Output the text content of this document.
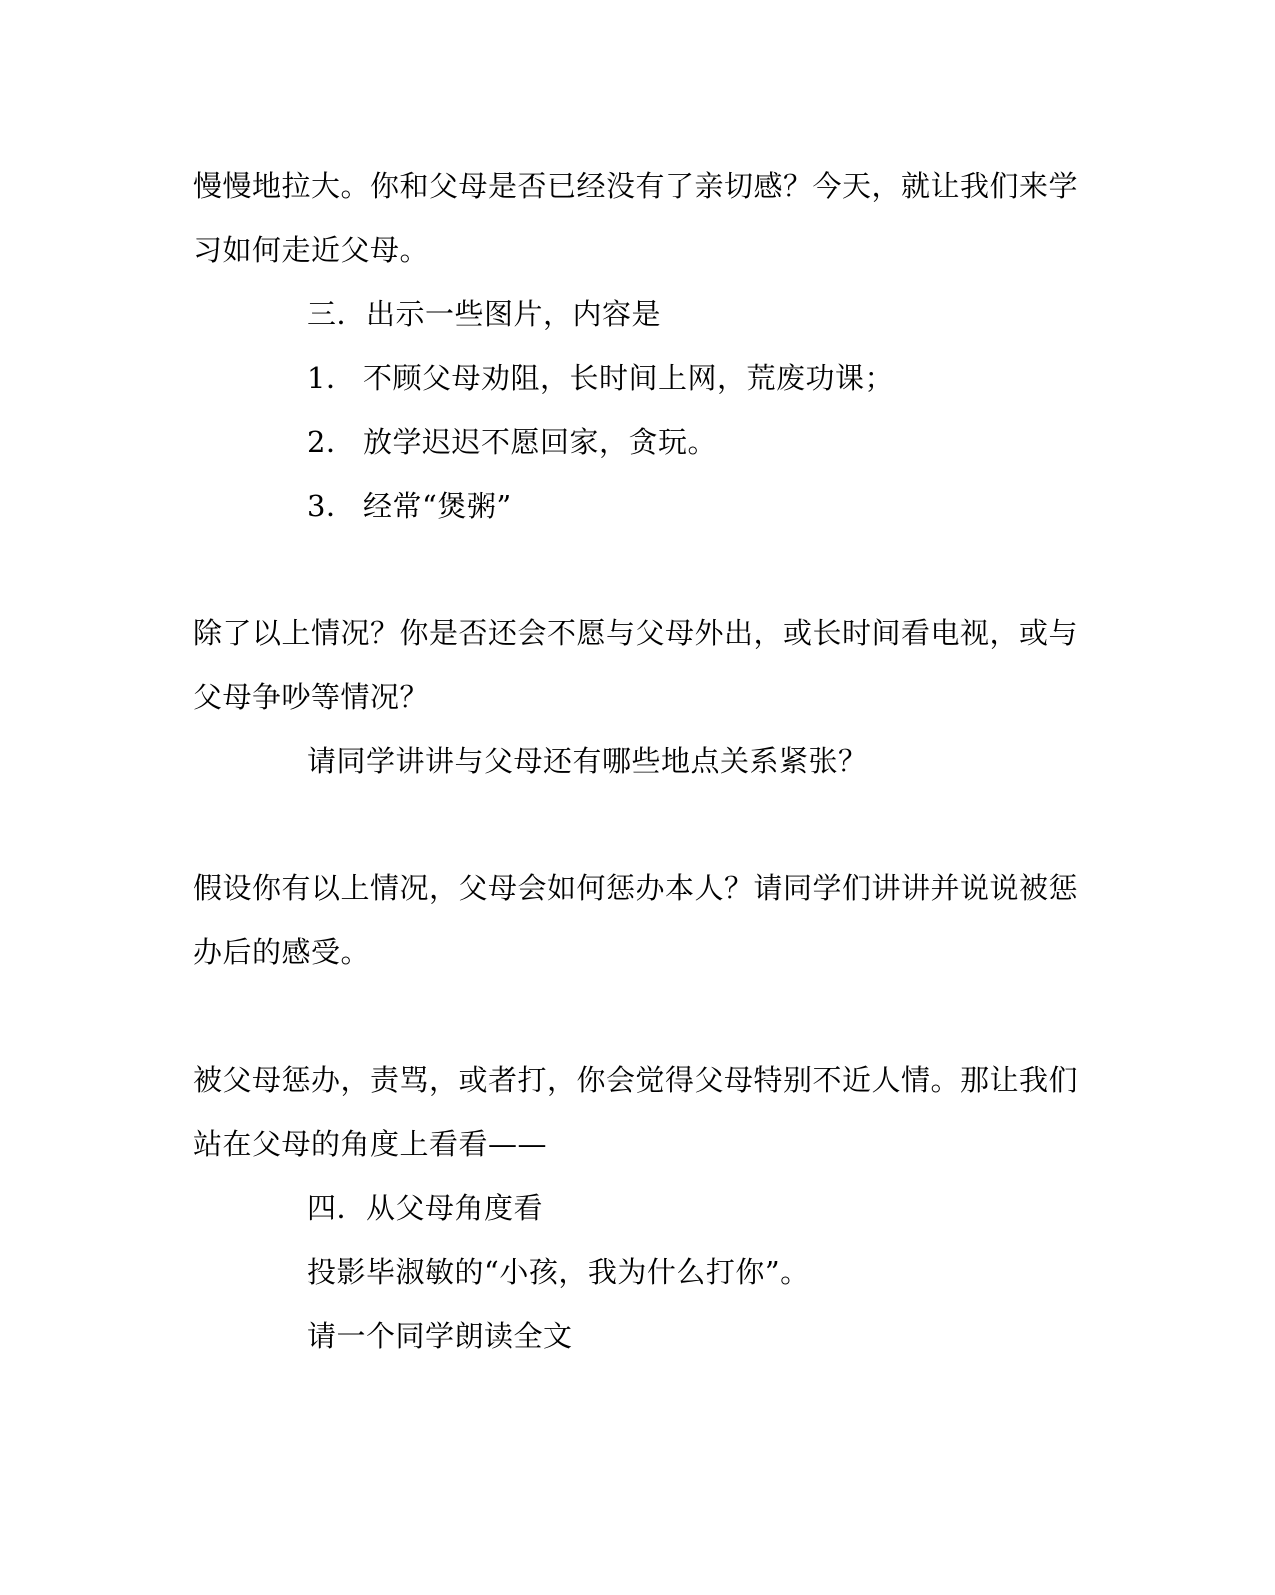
慢慢地拉大。你和父母是否已经没有了亲切感？今天，就让我们来学
习如何走近父母。
三．出示一些图片，内容是
1． 不顾父母劝阻，长时间上网，荒废功课；
2． 放学迟迟不愿回家，贪玩。
3． 经常“煲粥”
除了以上情况？你是否还会不愿与父母外出，或长时间看电视，或与
父母争吵等情况？
请同学讲讲与父母还有哪些地点关系紧张？
假设你有以上情况，父母会如何惩办本人？请同学们讲讲并说说被惩
办后的感受。
被父母惩办，责骂，或者打，你会觉得父母特别不近人情。那让我们
站在父母的角度上看看——
四．从父母角度看
投影毕淑敏的“小孩，我为什么打你”。
请一个同学朗读全文
